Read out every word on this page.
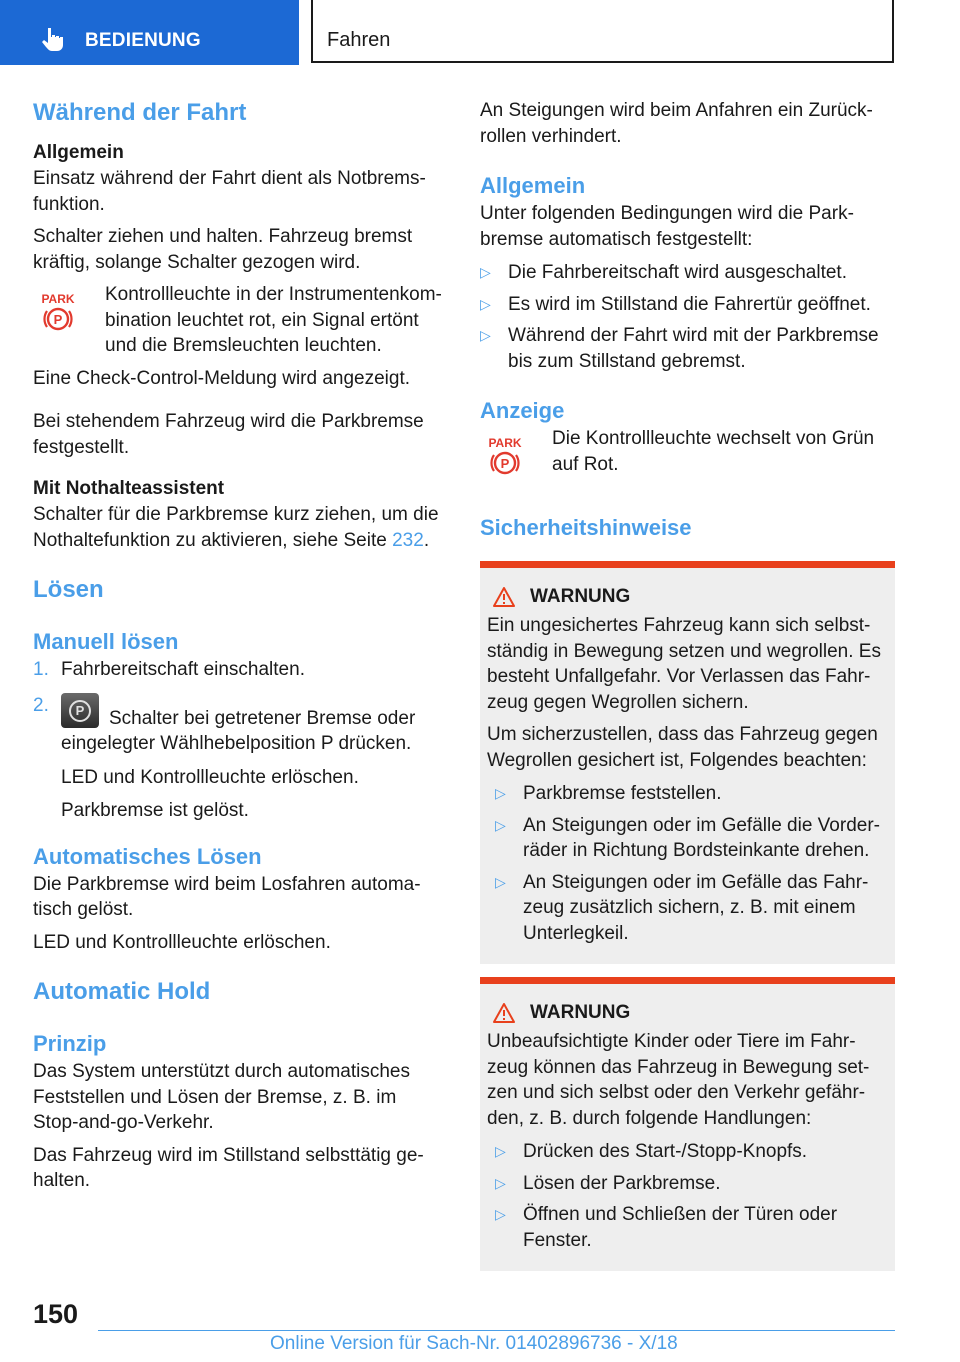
BEDIENUNG	Fahren
Während der Fahrt
Allgemein

Einsatz während der Fahrt dient als Notbrems-funktion.

Schalter ziehen und halten. Fahrzeug bremst kräftig, solange Schalter gezogen wird.

PARK
P

Kontrollleuchte in der Instrumentenkom-bination leuchtet rot, ein Signal ertönt und die Bremsleuchten leuchten.

Eine Check-Control-Meldung wird angezeigt.

Bei stehendem Fahrzeug wird die Parkbremse festgestellt.

Mit Nothalteassistent

Schalter für die Parkbremse kurz ziehen, um die Nothaltefunktion zu aktivieren, siehe Seite 232.

Lösen
Manuell lösen
1. Fahrbereitschaft einschalten.
2.	P	Schalter bei getretener Bremse oder eingelegter Wählhebelposition P drücken.
LED und Kontrollleuchte erlöschen.
Parkbremse ist gelöst.
Automatisches Lösen

Die Parkbremse wird beim Losfahren automa-tisch gelöst.

LED und Kontrollleuchte erlöschen.

Automatic Hold
Prinzip

Das System unterstützt durch automatisches Feststellen und Lösen der Bremse, z. B. im Stop-and-go-Verkehr.

Das Fahrzeug wird im Stillstand selbsttätig ge-halten.

An Steigungen wird beim Anfahren ein Zurück-rollen verhindert.

Allgemein

Unter folgenden Bedingungen wird die Park-bremse automatisch festgestellt:

▷ Die Fahrbereitschaft wird ausgeschaltet.
▷ Es wird im Stillstand die Fahrertür geöffnet.
▷ Während der Fahrt wird mit der Parkbremse bis zum Stillstand gebremst.
Anzeige
PARK
P

Die Kontrollleuchte wechselt von Grün auf Rot.

Sicherheitshinweise
WARNUNG

Ein ungesichertes Fahrzeug kann sich selbst-ständig in Bewegung setzen und wegrollen. Es besteht Unfallgefahr. Vor Verlassen das Fahr-zeug gegen Wegrollen sichern.

Um sicherzustellen, dass das Fahrzeug gegen Wegrollen gesichert ist, Folgendes beachten:

▷ Parkbremse feststellen.
▷ An Steigungen oder im Gefälle die Vorder-räder in Richtung Bordsteinkante drehen.
▷ An Steigungen oder im Gefälle das Fahr-zeug zusätzlich sichern, z. B. mit einem Unterlegkeil.
WARNUNG

Unbeaufsichtigte Kinder oder Tiere im Fahr-zeug können das Fahrzeug in Bewegung set-zen und sich selbst oder den Verkehr gefähr-den, z. B. durch folgende Handlungen:

▷ Drücken des Start-/Stopp-Knopfs.
▷ Lösen der Parkbremse.
▷ Öffnen und Schließen der Türen oder Fenster.
150
Online Version für Sach-Nr. 01402896736 - X/18
